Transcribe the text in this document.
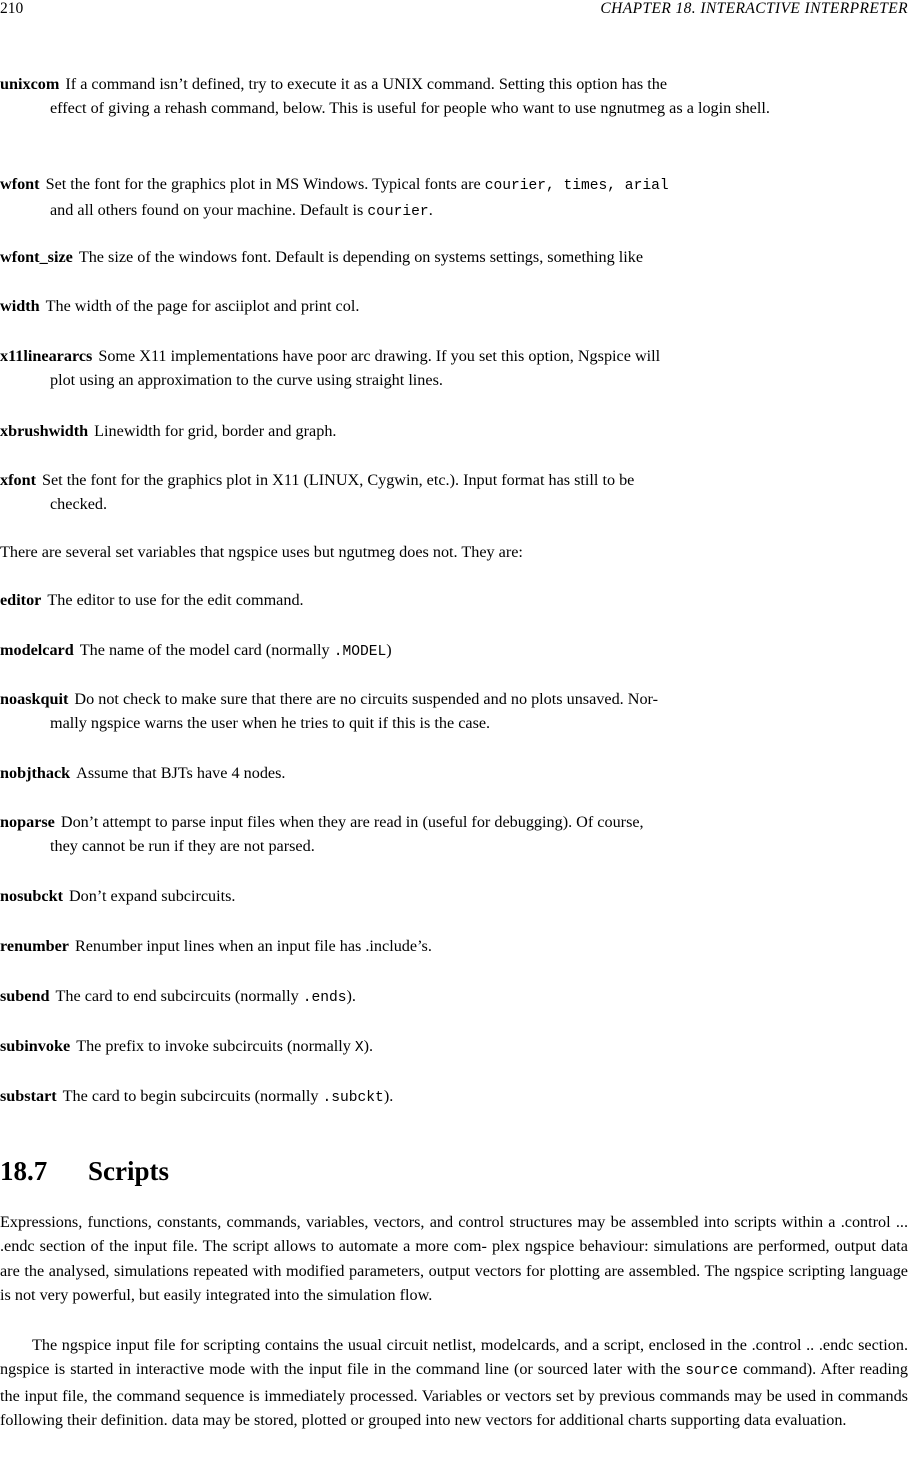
210	CHAPTER 18. INTERACTIVE INTERPRETER
unixcom If a command isn’t defined, try to execute it as a UNIX command. Setting this option has the
effect of giving a rehash command, below. This is useful for people who want to use ngnutmeg as a login shell.
wfont Set the font for the graphics plot in MS Windows. Typical fonts are courier, times, arial
and all others found on your machine. Default is courier.
wfont_size The size of the windows font. Default is depending on systems settings, something like
width The width of the page for asciiplot and print col.
x11lineararcs Some X11 implementations have poor arc drawing. If you set this option, Ngspice will
plot using an approximation to the curve using straight lines.
xbrushwidth Linewidth for grid, border and graph.
xfont Set the font for the graphics plot in X11 (LINUX, Cygwin, etc.). Input format has still to be
checked.
There are several set variables that ngspice uses but ngutmeg does not. They are:
editor The editor to use for the edit command.
modelcard The name of the model card (normally .MODEL)
noaskquit Do not check to make sure that there are no circuits suspended and no plots unsaved. Nor-
mally ngspice warns the user when he tries to quit if this is the case.
nobjthack Assume that BJTs have 4 nodes.
noparse Don’t attempt to parse input files when they are read in (useful for debugging). Of course,
they cannot be run if they are not parsed.
nosubckt Don’t expand subcircuits.
renumber Renumber input lines when an input file has .include’s.
subend The card to end subcircuits (normally .ends).
subinvoke The prefix to invoke subcircuits (normally X).
substart The card to begin subcircuits (normally .subckt).
18.7 Scripts
Expressions, functions, constants, commands, variables, vectors, and control structures may be assembled into scripts within a .control ... .endc section of the input file. The script allows to automate a more com- plex ngspice behaviour: simulations are performed, output data are the analysed, simulations repeated with modified parameters, output vectors for plotting are assembled. The ngspice scripting language is not very powerful, but easily integrated into the simulation flow.
The ngspice input file for scripting contains the usual circuit netlist, modelcards, and a script, enclosed in the .control .. .endc section. ngspice is started in interactive mode with the input file in the command line (or sourced later with the source command). After reading the input file, the command sequence is immediately processed. Variables or vectors set by previous commands may be used in commands following their definition. data may be stored, plotted or grouped into new vectors for additional charts supporting data evaluation.
